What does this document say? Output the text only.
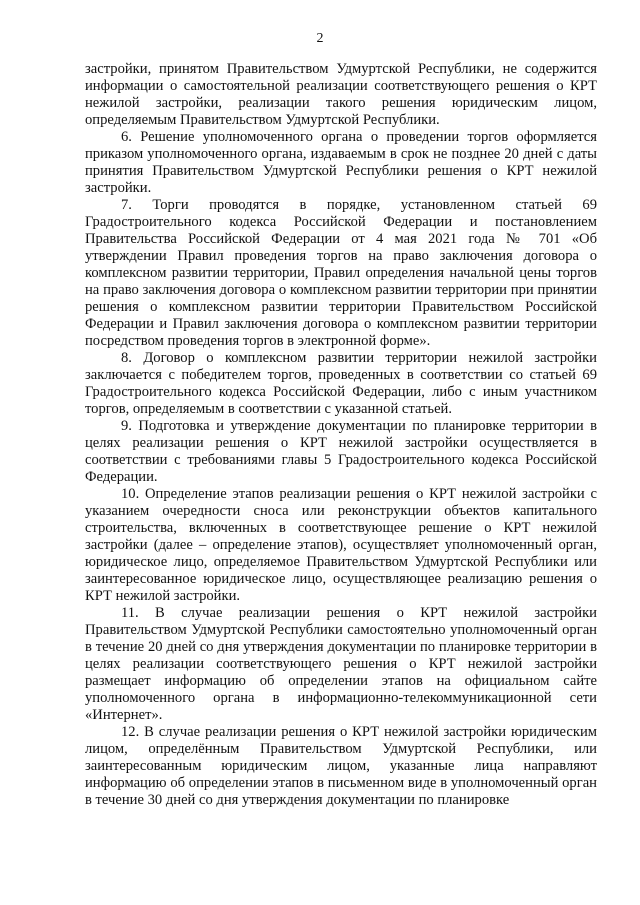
2

застройки, принятом Правительством Удмуртской Республики, не содержится информации о самостоятельной реализации соответствующего решения о КРТ нежилой застройки, реализации такого решения юридическим лицом, определяемым Правительством Удмуртской Республики.

6. Решение уполномоченного органа о проведении торгов оформляется приказом уполномоченного органа, издаваемым в срок не позднее 20 дней с даты принятия Правительством Удмуртской Республики решения о КРТ нежилой застройки.

7. Торги проводятся в порядке, установленном статьей 69 Градостроительного кодекса Российской Федерации и постановлением Правительства Российской Федерации от 4 мая 2021 года № 701 «Об утверждении Правил проведения торгов на право заключения договора о комплексном развитии территории, Правил определения начальной цены торгов на право заключения договора о комплексном развитии территории при принятии решения о комплексном развитии территории Правительством Российской Федерации и Правил заключения договора о комплексном развитии территории посредством проведения торгов в электронной форме».

8. Договор о комплексном развитии территории нежилой застройки заключается с победителем торгов, проведенных в соответствии со статьей 69 Градостроительного кодекса Российской Федерации, либо с иным участником торгов, определяемым в соответствии с указанной статьей.

9. Подготовка и утверждение документации по планировке территории в целях реализации решения о КРТ нежилой застройки осуществляется в соответствии с требованиями главы 5 Градостроительного кодекса Российской Федерации.

10. Определение этапов реализации решения о КРТ нежилой застройки с указанием очередности сноса или реконструкции объектов капитального строительства, включенных в соответствующее решение о КРТ нежилой застройки (далее – определение этапов), осуществляет уполномоченный орган, юридическое лицо, определяемое Правительством Удмуртской Республики или заинтересованное юридическое лицо, осуществляющее реализацию решения о КРТ нежилой застройки.

11. В случае реализации решения о КРТ нежилой застройки Правительством Удмуртской Республики самостоятельно уполномоченный орган в течение 20 дней со дня утверждения документации по планировке территории в целях реализации соответствующего решения о КРТ нежилой застройки размещает информацию об определении этапов на официальном сайте уполномоченного органа в информационно-телекоммуникационной сети «Интернет».

12. В случае реализации решения о КРТ нежилой застройки юридическим лицом, определённым Правительством Удмуртской Республики, или заинтересованным юридическим лицом, указанные лица направляют информацию об определении этапов в письменном виде в уполномоченный орган в течение 30 дней со дня утверждения документации по планировке
